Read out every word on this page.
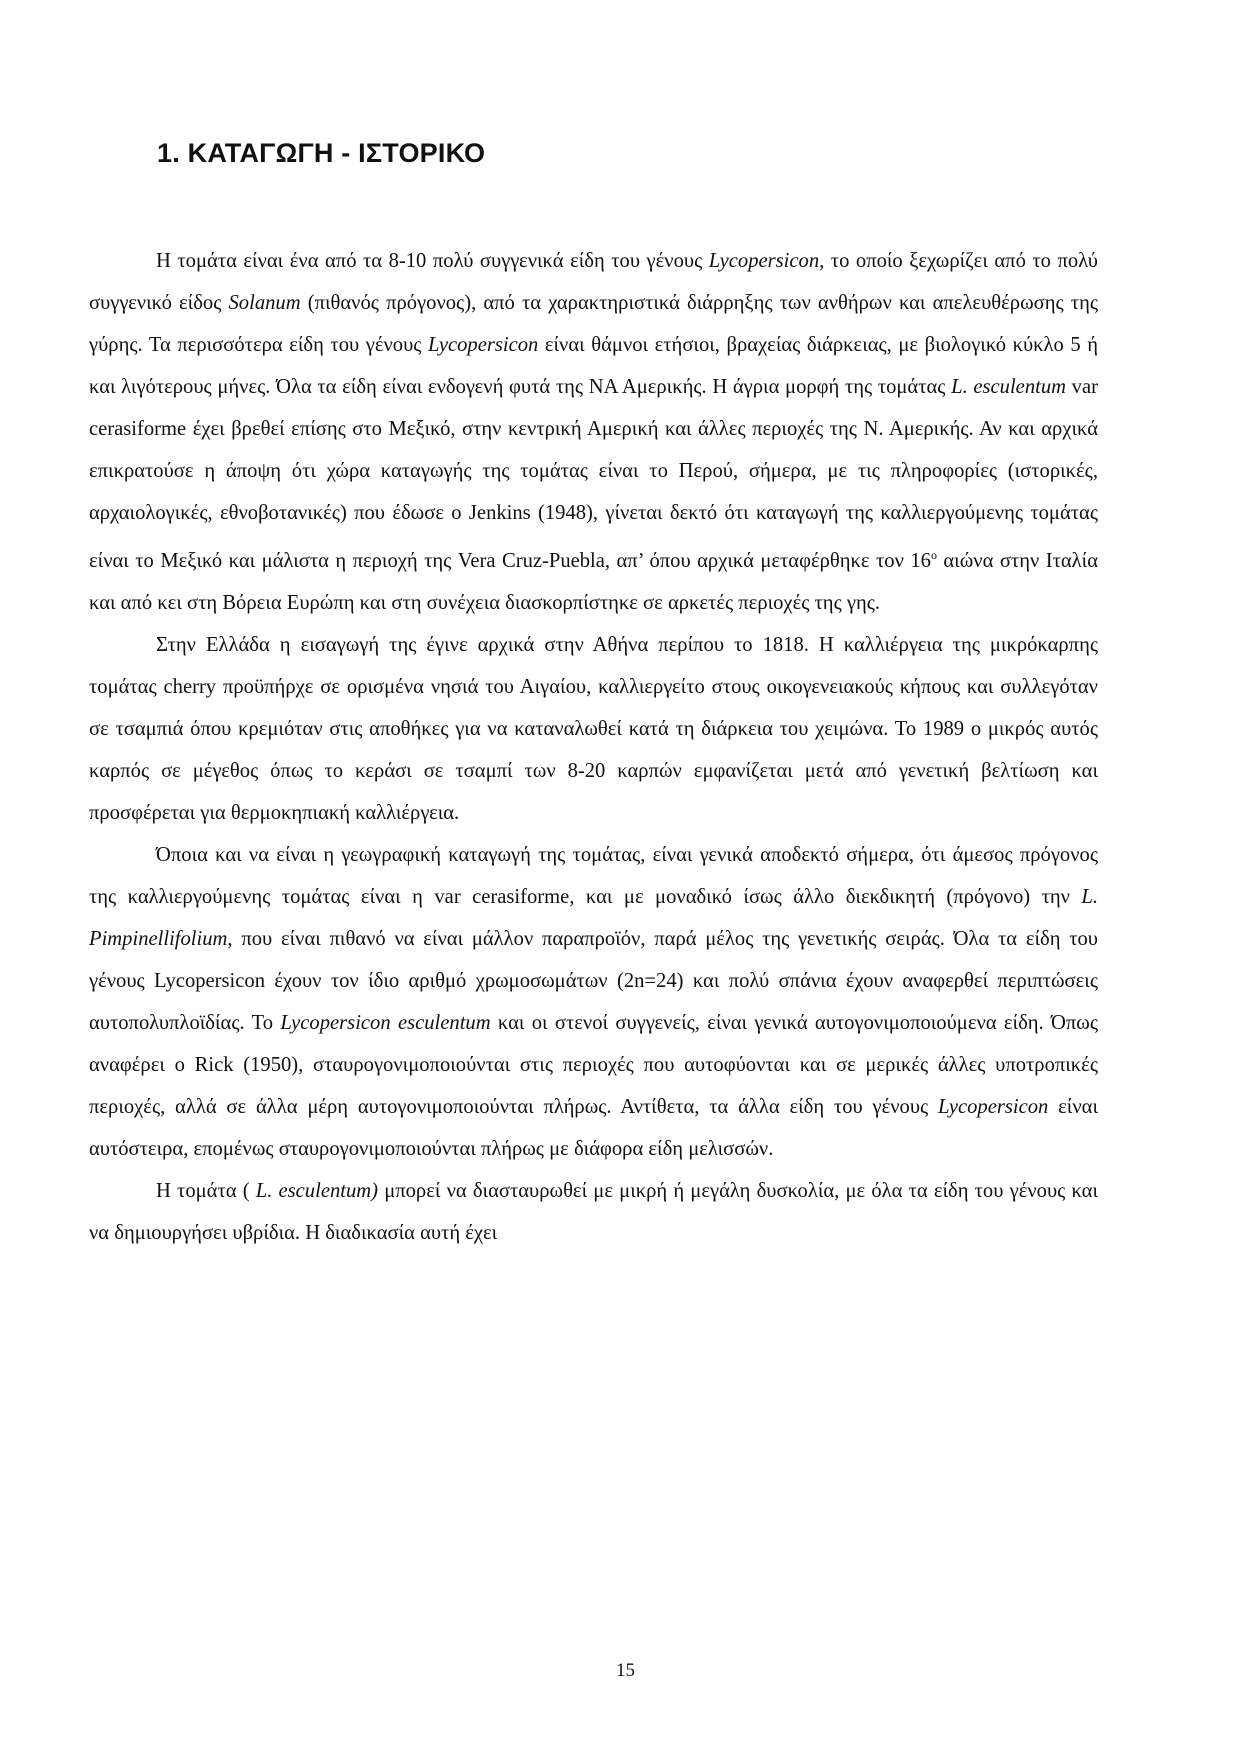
1. ΚΑΤΑΓΩΓΗ - ΙΣΤΟΡΙΚΟ

Η τομάτα είναι ένα από τα 8-10 πολύ συγγενικά είδη του γένους Lycopersicon, το οποίο ξεχωρίζει από το πολύ συγγενικό είδος Solanum (πιθανός πρόγονος), από τα χαρακτηριστικά διάρρηξης των ανθήρων και απελευθέρωσης της γύρης. Τα περισσότερα είδη του γένους Lycopersicon είναι θάμνοι ετήσιοι, βραχείας διάρκειας, με βιολογικό κύκλο 5 ή και λιγότερους μήνες. Όλα τα είδη είναι ενδογενή φυτά της ΝΑ Αμερικής. Η άγρια μορφή της τομάτας L. esculentum var cerasiforme έχει βρεθεί επίσης στο Μεξικό, στην κεντρική Αμερική και άλλες περιοχές της Ν. Αμερικής. Αν και αρχικά επικρατούσε η άποψη ότι χώρα καταγωγής της τομάτας είναι το Περού, σήμερα, με τις πληροφορίες (ιστορικές, αρχαιολογικές, εθνοβοτανικές) που έδωσε ο Jenkins (1948), γίνεται δεκτό ότι καταγωγή της καλλιεργούμενης τομάτας είναι το Μεξικό και μάλιστα η περιοχή της Vera Cruz-Puebla, απ’ όπου αρχικά μεταφέρθηκε τον $16^o$ αιώνα στην Ιταλία και από κει στη Βόρεια Ευρώπη και στη συνέχεια διασκορπίστηκε σε αρκετές περιοχές της γης.

Στην Ελλάδα η εισαγωγή της έγινε αρχικά στην Αθήνα περίπου το 1818. Η καλλιέργεια της μικρόκαρπης τομάτας cherry προϋπήρχε σε ορισμένα νησιά του Αιγαίου, καλλιεργείτο στους οικογενειακούς κήπους και συλλεγόταν σε τσαμπιά όπου κρεμιόταν στις αποθήκες για να καταναλωθεί κατά τη διάρκεια του χειμώνα. Το 1989 ο μικρός αυτός καρπός σε μέγεθος όπως το κεράσι σε τσαμπί των 8-20 καρπών εμφανίζεται μετά από γενετική βελτίωση και προσφέρεται για θερμοκηπιακή καλλιέργεια.

Όποια και να είναι η γεωγραφική καταγωγή της τομάτας, είναι γενικά αποδεκτό σήμερα, ότι άμεσος πρόγονος της καλλιεργούμενης τομάτας είναι η var cerasiforme, και με μοναδικό ίσως άλλο διεκδικητή (πρόγονο) την L. Pimpinellifolium, που είναι πιθανό να είναι μάλλον παραπροϊόν, παρά μέλος της γενετικής σειράς. Όλα τα είδη του γένους Lycopersicon έχουν τον ίδιο αριθμό χρωμοσωμάτων (2n=24) και πολύ σπάνια έχουν αναφερθεί περιπτώσεις αυτοπολυπλοϊδίας. Το Lycopersicon esculentum και οι στενοί συγγενείς, είναι γενικά αυτογονιμοποιούμενα είδη. Όπως αναφέρει ο Rick (1950), σταυρογονιμοποιούνται στις περιοχές που αυτοφύονται και σε μερικές άλλες υποτροπικές περιοχές, αλλά σε άλλα μέρη αυτογονιμοποιούνται πλήρως. Αντίθετα, τα άλλα είδη του γένους Lycopersicon είναι αυτόστειρα, επομένως σταυρογονιμοποιούνται πλήρως με διάφορα είδη μελισσών.

Η τομάτα ( L. esculentum) μπορεί να διασταυρωθεί με μικρή ή μεγάλη δυσκολία, με όλα τα είδη του γένους και να δημιουργήσει υβρίδια. Η διαδικασία αυτή έχει

15
